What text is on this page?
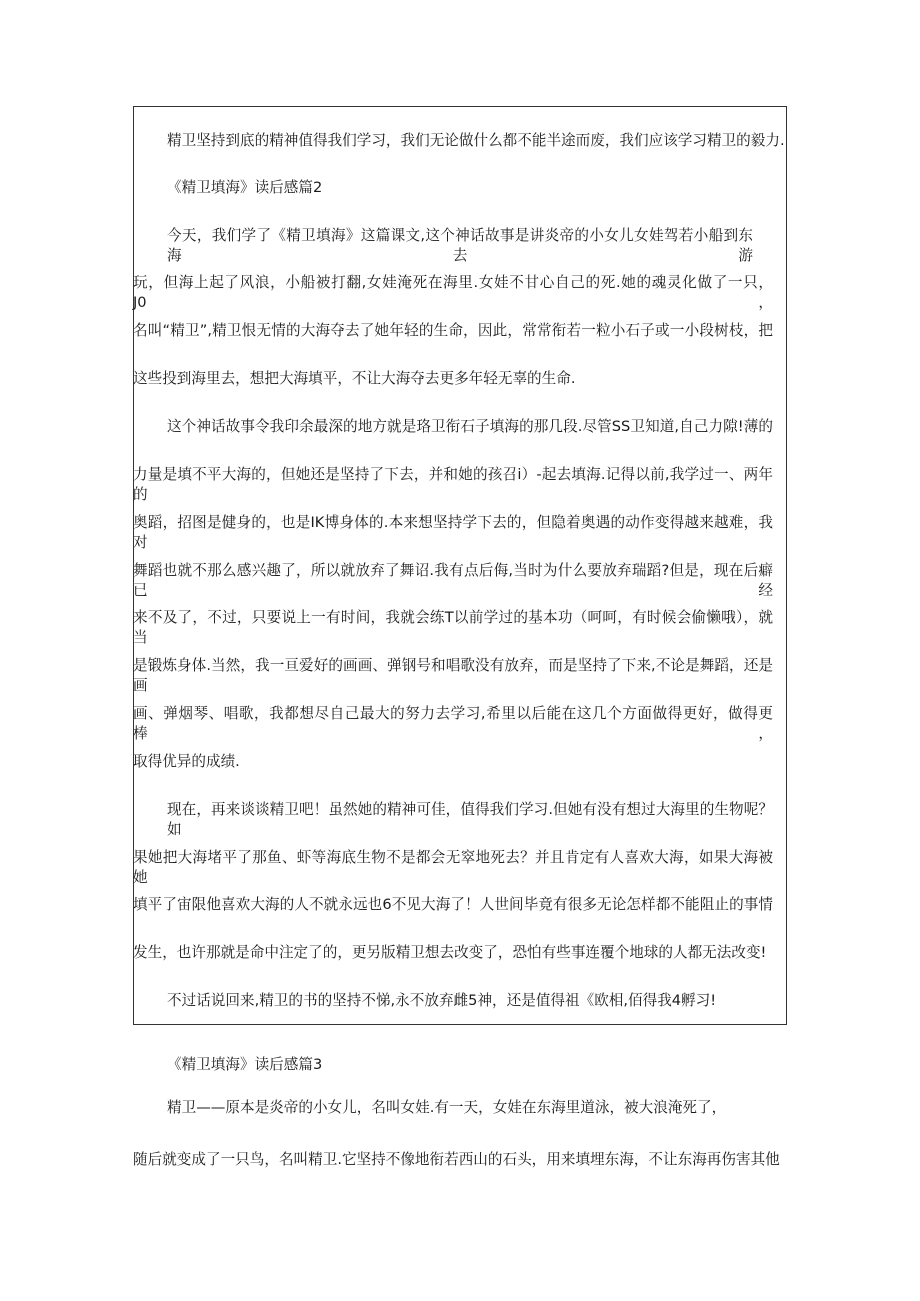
精卫坚持到底的精神值得我们学习，我们无论做什么都不能半途而废，我们应该学习精卫的毅力.
《精卫填海》读后感篇2
今天，我们学了《精卫填海》这篇课文,这个神话故事是讲炎帝的小女儿女娃驾若小船到东海去游
玩，但海上起了风浪，小船被打翻,女娃淹死在海里.女娃不甘心自己的死.她的魂灵化做了一只，J0，
名叫“精卫”,精卫恨无情的大海夺去了她年轻的生命，因此，常常衔若一粒小石子或一小段树枝，把
这些投到海里去，想把大海填平，不让大海夺去更多年轻无辜的生命.
这个神话故事令我印余最深的地方就是珞卫衔石子填海的那几段.尽管SS卫知道,自己力隙!薄的
力量是填不平大海的，但她还是坚持了下去，并和她的孩召i）-起去填海.记得以前,我学过一、两年的
奥蹈，招图是健身的，也是IK博身体的.本来想坚持学下去的，但隐着奥遇的动作变得越来越难，我对
舞蹈也就不那么感兴趣了，所以就放弃了舞诏.我有点后侮,当时为什么要放弃瑞蹈?但是，现在后癖已经
来不及了，不过，只要说上一有时间，我就会练T以前学过的基本功（呵呵，有时候会偷懒哦），就当
是锻炼身体.当然，我一亘爱好的画画、弹钢号和唱歌没有放弃，而是坚持了下来,不论是舞蹈，还是画
画、弹烟琴、唱歌，我都想尽自己最大的努力去学习,希里以后能在这几个方面做得更好，做得更棒，
取得优异的成绩.
现在，再来谈谈精卫吧！虽然她的精神可佳，值得我们学习.但她有没有想过大海里的生物呢？如
果她把大海堵平了那鱼、虾等海底生物不是都会无窣地死去？并且肯定有人喜欢大海，如果大海被她
填平了宙限他喜欢大海的人不就永远也6不见大海了！人世间毕竟有很多无论怎样都不能阻止的事情
发生，也许那就是命中注定了的，更另版精卫想去改变了，恐怕有些事连覆个地球的人都无法改变!
不过话说回来,精卫的书的坚持不悌,永不放弃雌5神，还是值得祖《欧相,佰得我4孵习!
《精卫填海》读后感篇3
精卫——原本是炎帝的小女儿，名叫女娃.有一天，女娃在东海里道泳，被大浪淹死了，
随后就变成了一只鸟，名叫精卫.它坚持不像地衔若西山的石头，用来填埋东海，不让东海再伤害其他
